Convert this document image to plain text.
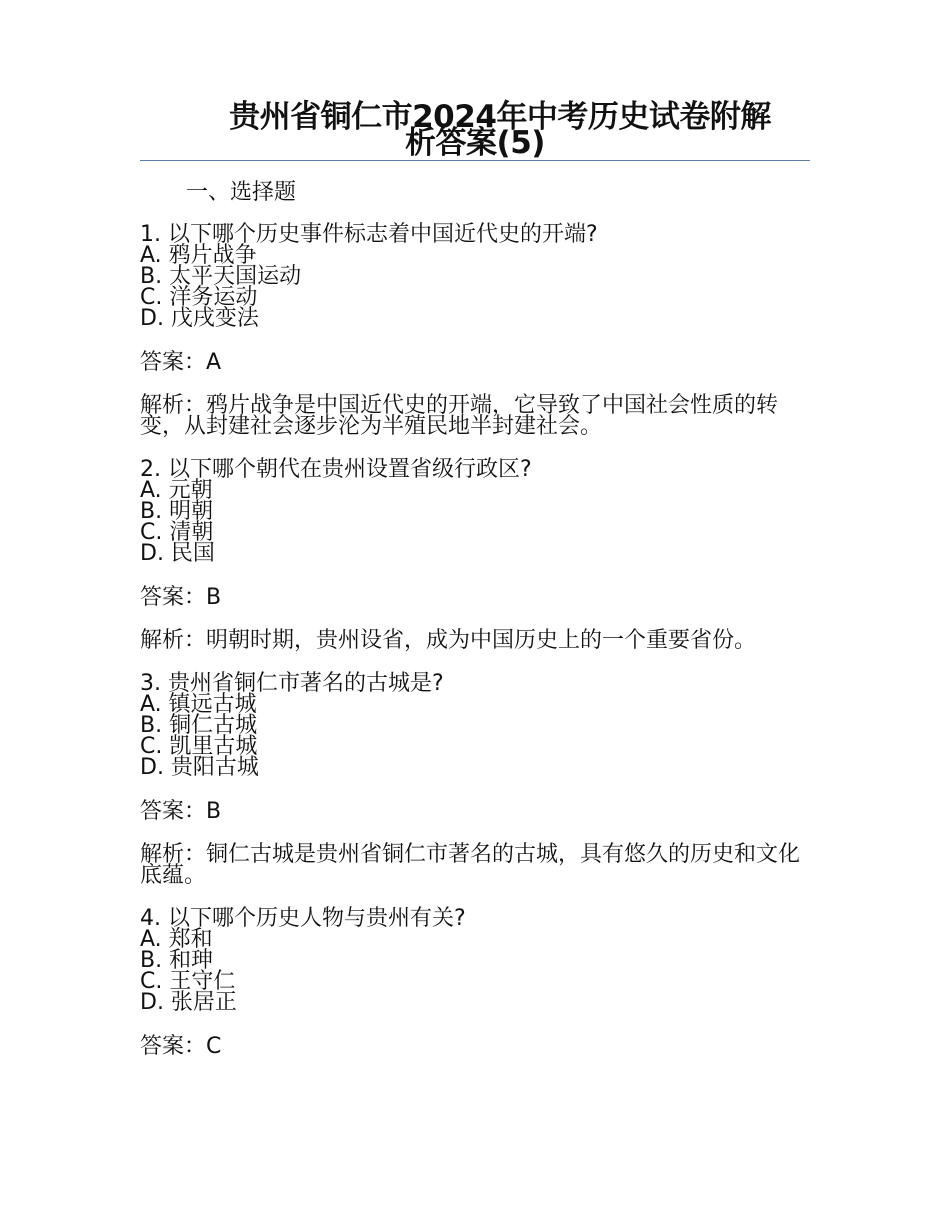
贵州省铜仁市2024年中考历史试卷附解
析答案(5)
一、选择题
1. 以下哪个历史事件标志着中国近代史的开端?
A. 鸦片战争
B. 太平天国运动
C. 洋务运动
D. 戊戌变法
答案：A
解析：鸦片战争是中国近代史的开端，它导致了中国社会性质的转变，从封建社会逐步沦为半殖民地半封建社会。
2. 以下哪个朝代在贵州设置省级行政区?
A. 元朝
B. 明朝
C. 清朝
D. 民国
答案：B
解析：明朝时期，贵州设省，成为中国历史上的一个重要省份。
3. 贵州省铜仁市著名的古城是?
A. 镇远古城
B. 铜仁古城
C. 凯里古城
D. 贵阳古城
答案：B
解析：铜仁古城是贵州省铜仁市著名的古城，具有悠久的历史和文化底蕴。
4. 以下哪个历史人物与贵州有关?
A. 郑和
B. 和珅
C. 王守仁
D. 张居正
答案：C
